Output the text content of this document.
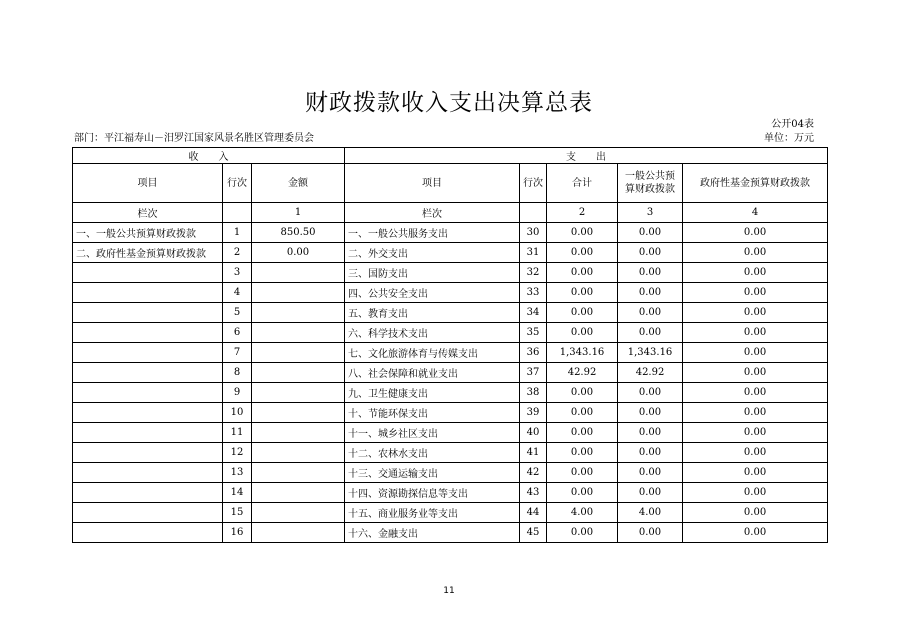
财政拨款收入支出决算总表
公开04表
部门：平江福寿山－汨罗江国家风景名胜区管理委员会	单位：万元
收　　入			支　　出				
项目	行次	金额	项目	行次	合计	一般公共预算财政拨款	政府性基金预算财政拨款
栏次		1	栏次		2	3	4
一、一般公共预算财政拨款	1	850.50	一、一般公共服务支出	30	0.00	0.00	0.00
二、政府性基金预算财政拨款	2	0.00	二、外交支出	31	0.00	0.00	0.00
	3		三、国防支出	32	0.00	0.00	0.00
	4		四、公共安全支出	33	0.00	0.00	0.00
	5		五、教育支出	34	0.00	0.00	0.00
	6		六、科学技术支出	35	0.00	0.00	0.00
	7		七、文化旅游体育与传媒支出	36	1,343.16	1,343.16	0.00
	8		八、社会保障和就业支出	37	42.92	42.92	0.00
	9		九、卫生健康支出	38	0.00	0.00	0.00
	10		十、节能环保支出	39	0.00	0.00	0.00
	11		十一、城乡社区支出	40	0.00	0.00	0.00
	12		十二、农林水支出	41	0.00	0.00	0.00
	13		十三、交通运输支出	42	0.00	0.00	0.00
	14		十四、资源勘探信息等支出	43	0.00	0.00	0.00
	15		十五、商业服务业等支出	44	4.00	4.00	0.00
	16		十六、金融支出	45	0.00	0.00	0.00
11
